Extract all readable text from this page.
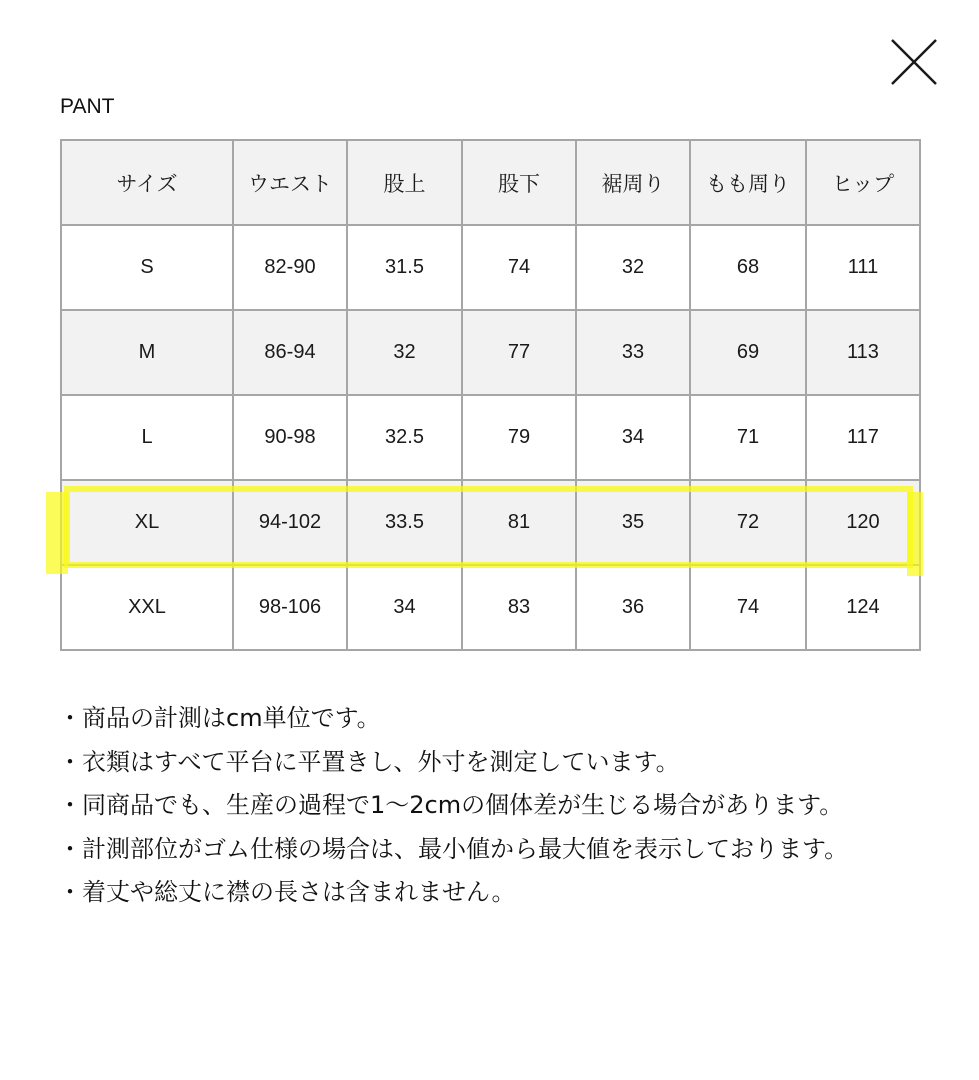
PANT
サイズ	ウエスト	股上	股下	裾周り	もも周り	ヒップ
S	82-90	31.5	74	32	68	111
M	86-94	32	77	33	69	113
L	90-98	32.5	79	34	71	117
XL	94-102	33.5	81	35	72	120
XXL	98-106	34	83	36	74	124

・商品の計測はcm単位です。

・衣類はすべて平台に平置きし、外寸を測定しています。

・同商品でも、生産の過程で1〜2cmの個体差が生じる場合があります。

・計測部位がゴム仕様の場合は、最小値から最大値を表示しております。

・着丈や総丈に襟の長さは含まれません。
